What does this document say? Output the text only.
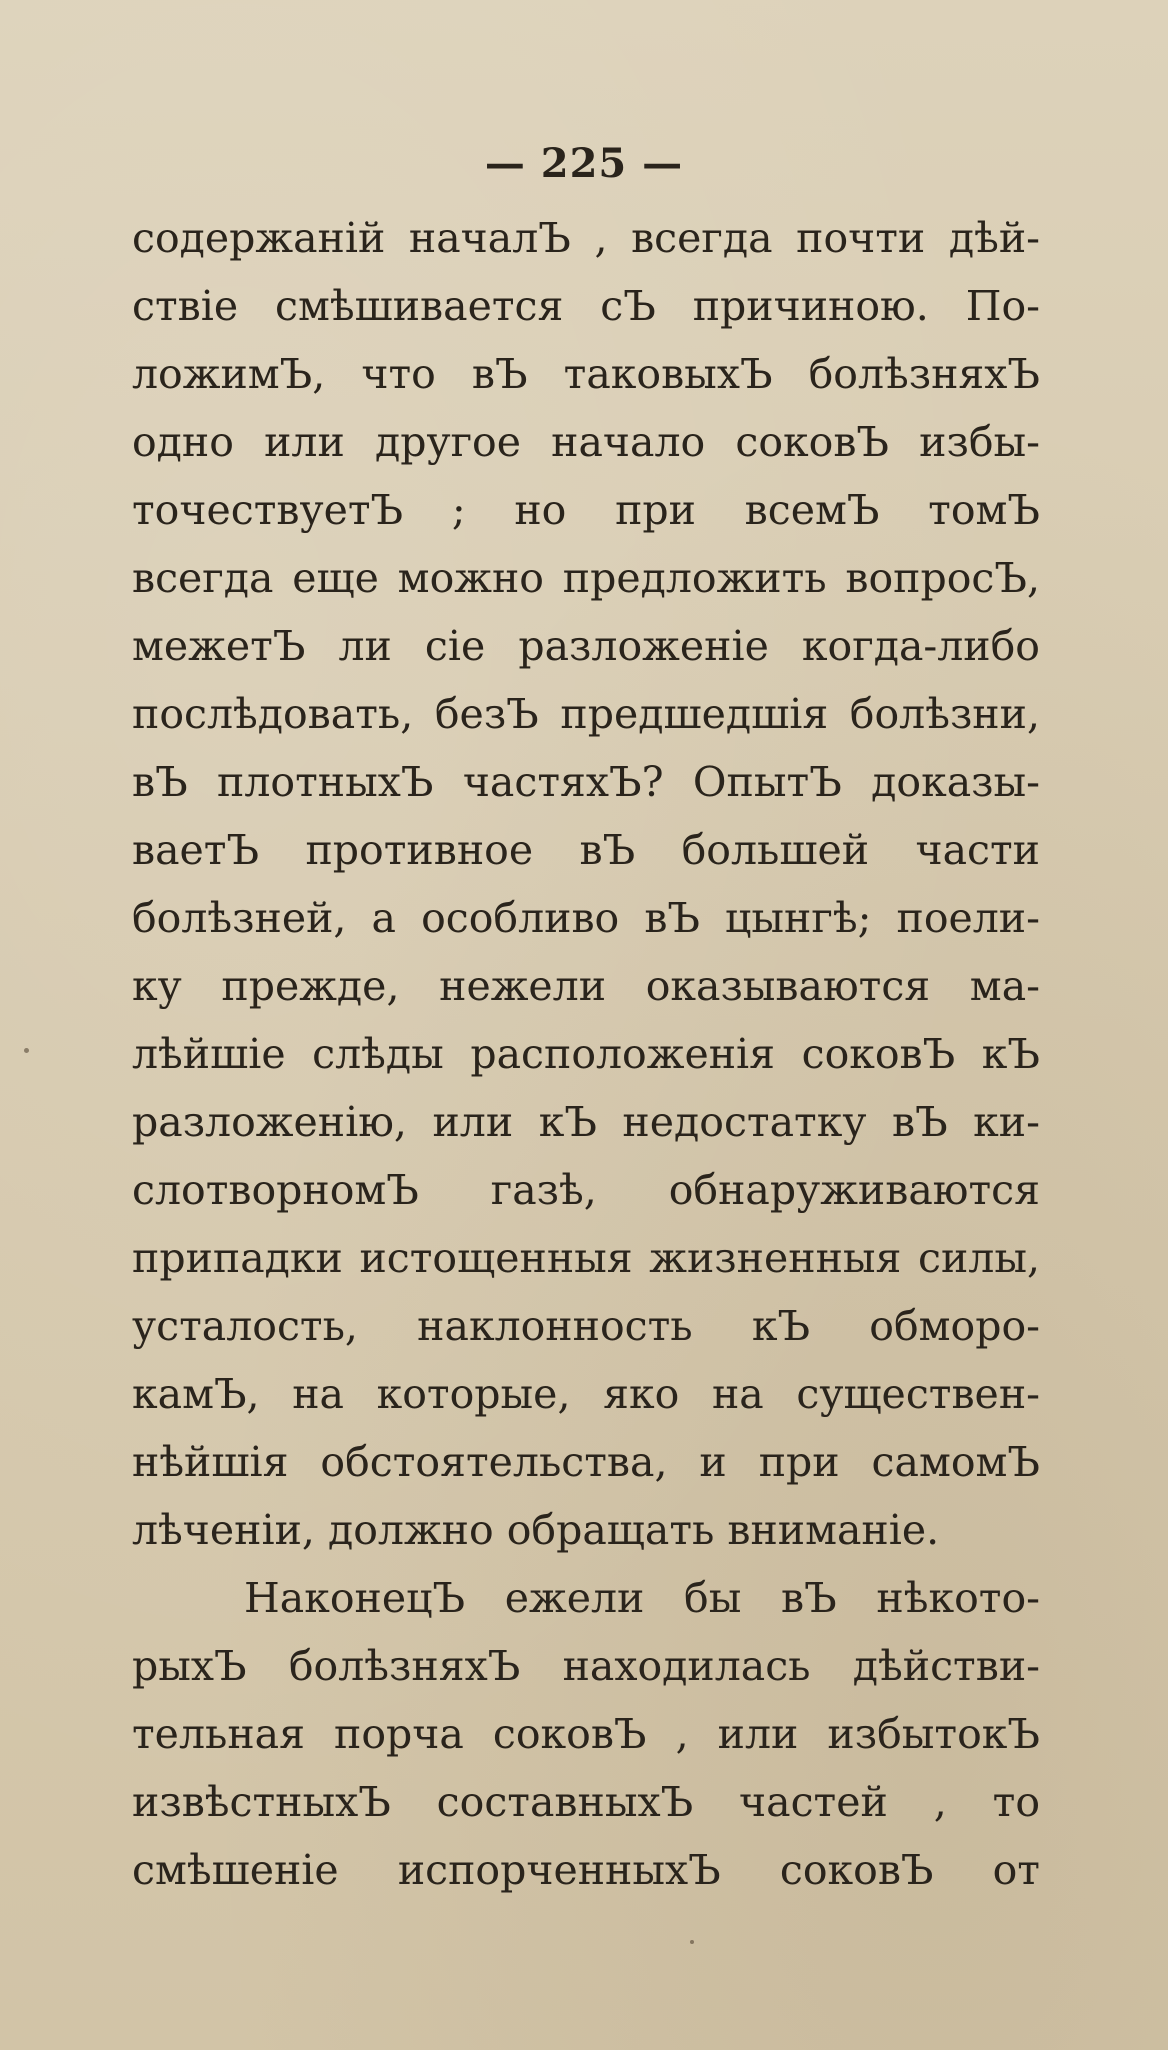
— 225 —
содержаній началЪ , всегда почти дѣй-
ствіе смѣшивается сЪ причиною. По-
ложимЪ, что вЪ таковыхЪ болѣзняхЪ
одно или другое начало соковЪ избы-
точествуетЪ ; но при всемЪ томЪ
всегда еще можно предложить вопросЪ,
межетЪ ли сіе разложеніе когда-либо
послѣдовать, безЪ предшедшія болѣзни,
вЪ плотныхЪ частяхЪ? ОпытЪ доказы-
ваетЪ противное вЪ большей части
болѣзней, а особливо вЪ цынгѣ; поели-
ку прежде, нежели оказываются ма-
лѣйшіе слѣды расположенія соковЪ кЪ
разложенію, или кЪ недостатку вЪ ки-
слотворномЪ газѣ, обнаруживаются
припадки истощенныя жизненныя силы,
усталость, наклонность кЪ обморо-
камЪ, на которые, яко на существен-
нѣйшія обстоятельства, и при самомЪ
лѣченіи, должно обращать вниманіе.
НаконецЪ ежели бы вЪ нѣкото-
рыхЪ болѣзняхЪ находилась дѣйстви-
тельная порча соковЪ , или избытокЪ
извѣстныхЪ составныхЪ частей , то
смѣшеніе испорченныхЪ соковЪ от
